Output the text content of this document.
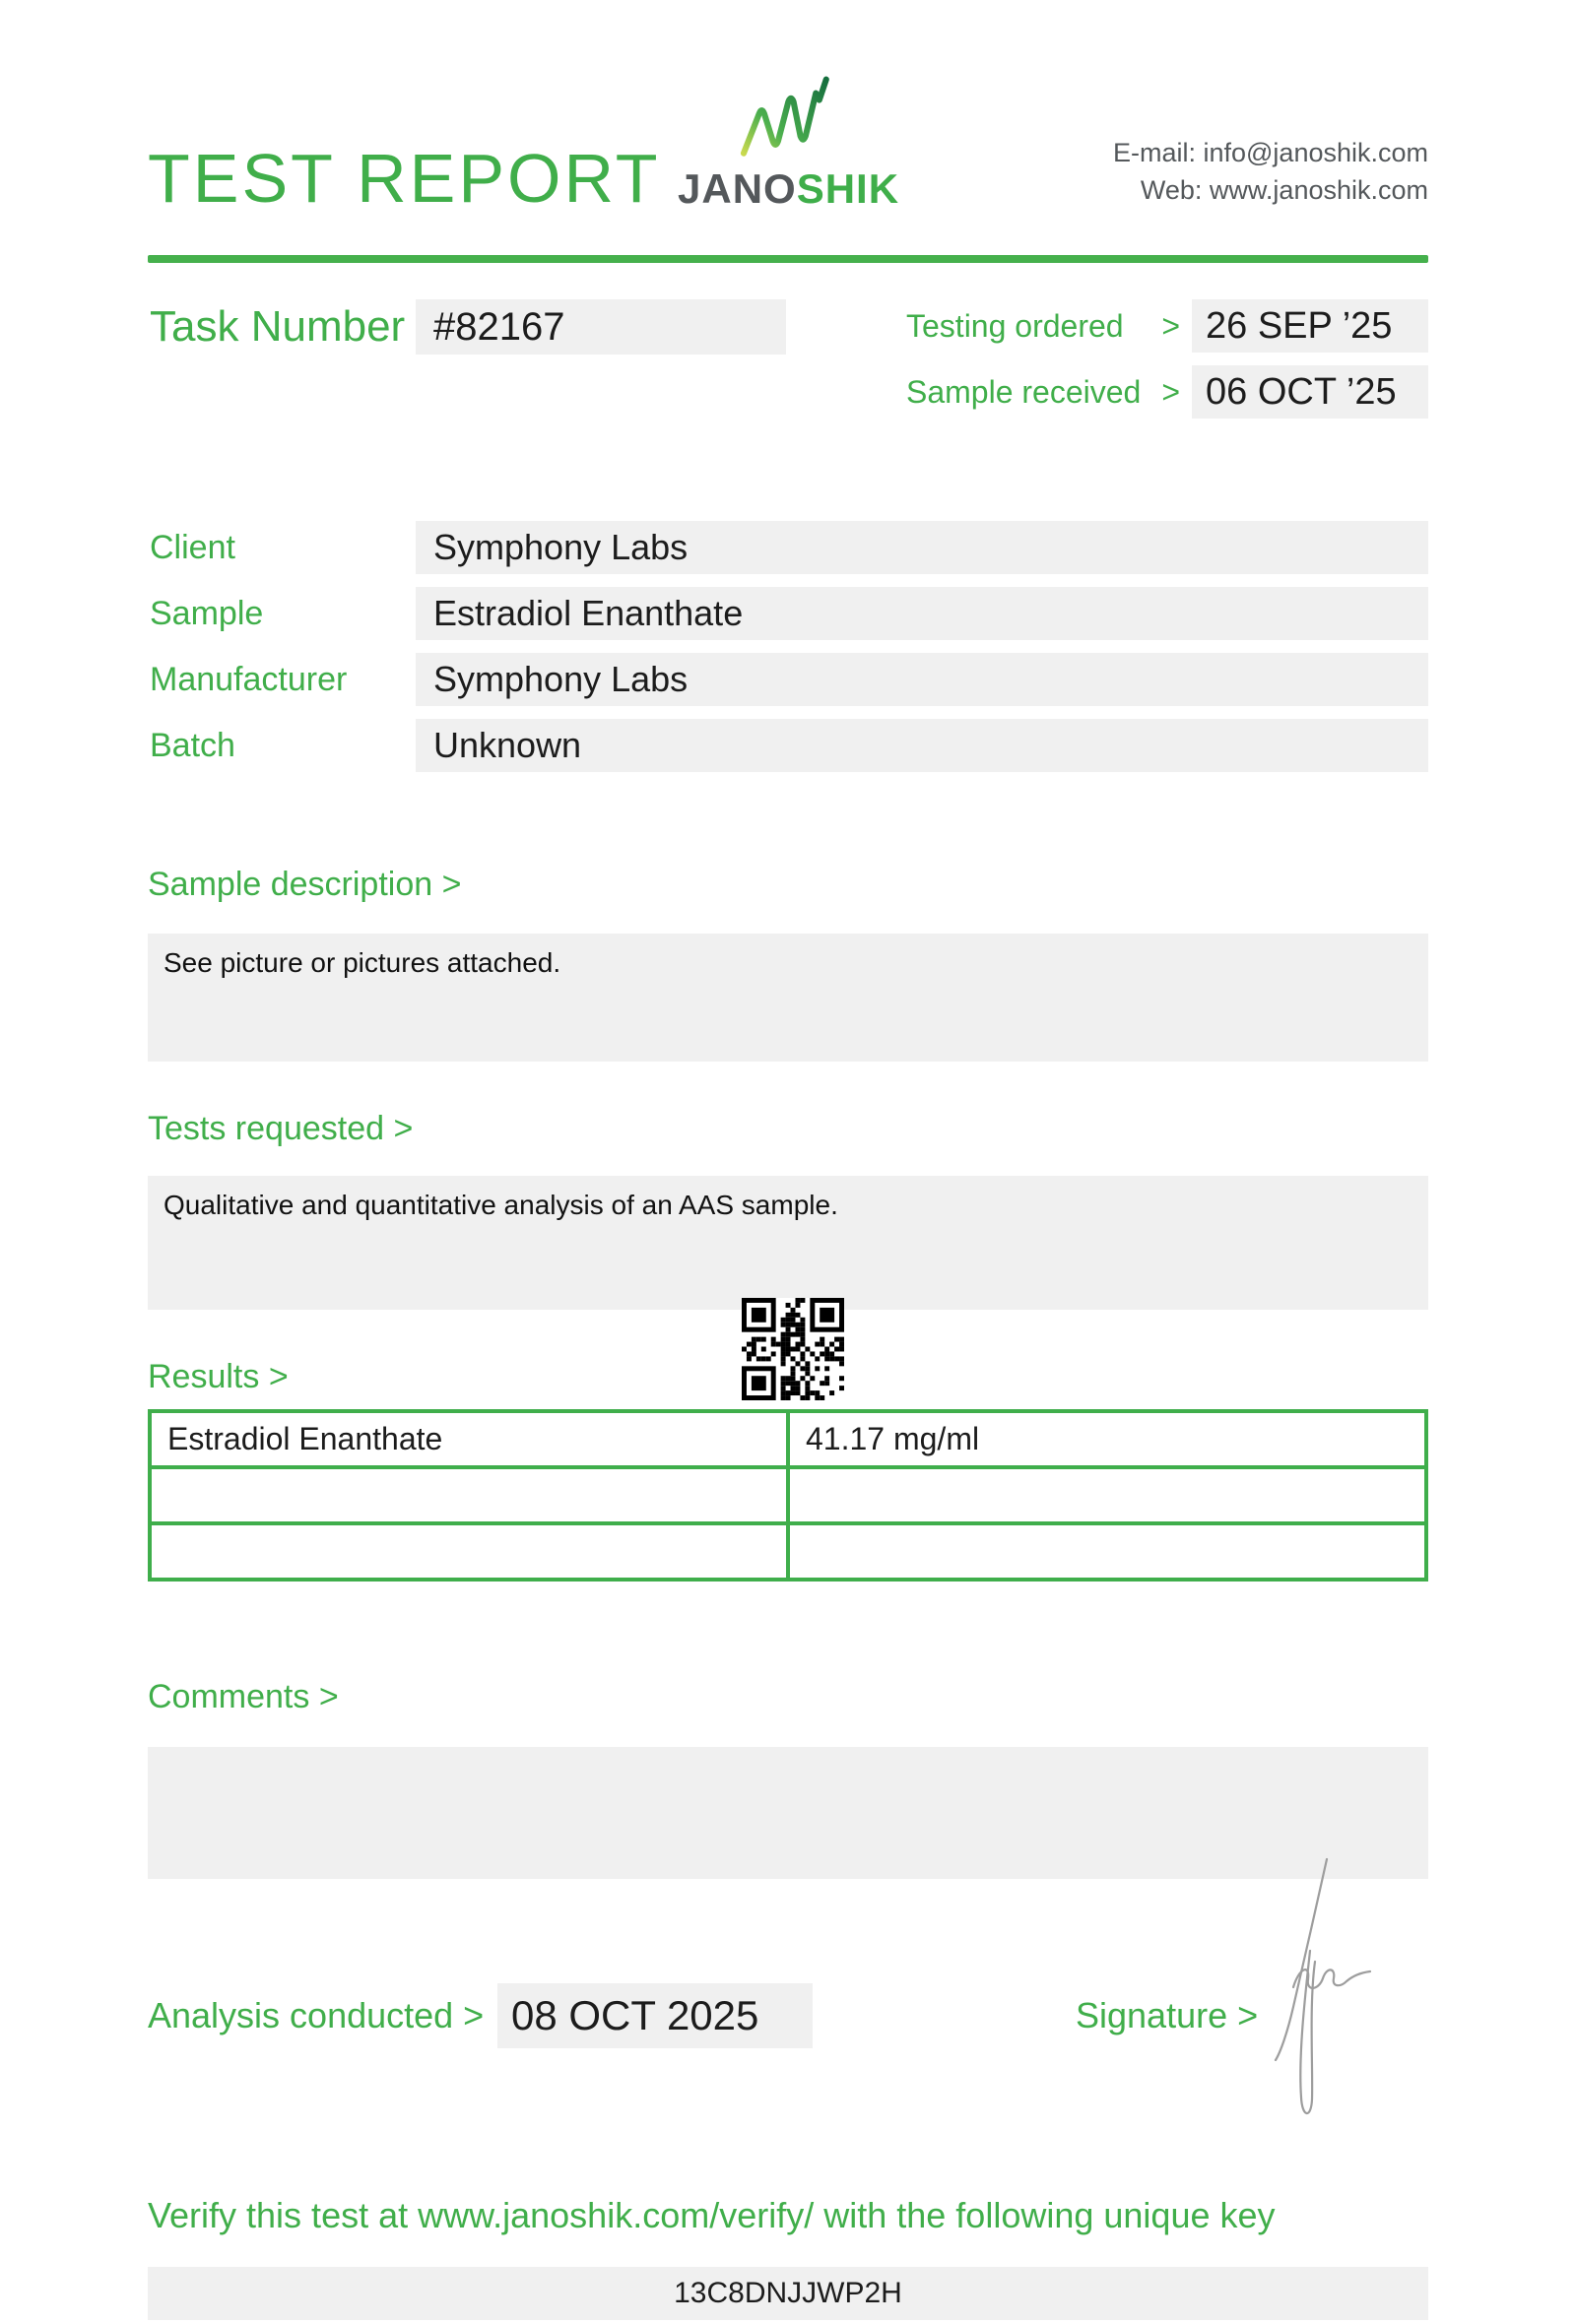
TEST REPORT JANOSHIK
E-mail: info@janoshik.com
Web: www.janoshik.com
Task Number #82167	Testing ordered > 26 SEP ’25
Sample received > 06 OCT ’25
Client	Symphony Labs
Sample	Estradiol Enanthate
Manufacturer	Symphony Labs
Batch	Unknown
Sample description >
See picture or pictures attached.
Tests requested >
Qualitative and quantitative analysis of an AAS sample.
Results >
Estradiol Enanthate	41.17 mg/ml
Comments >
Analysis conducted > 08 OCT 2025	Signature >
Verify this test at www.janoshik.com/verify/ with the following unique key
13C8DNJJWP2H
